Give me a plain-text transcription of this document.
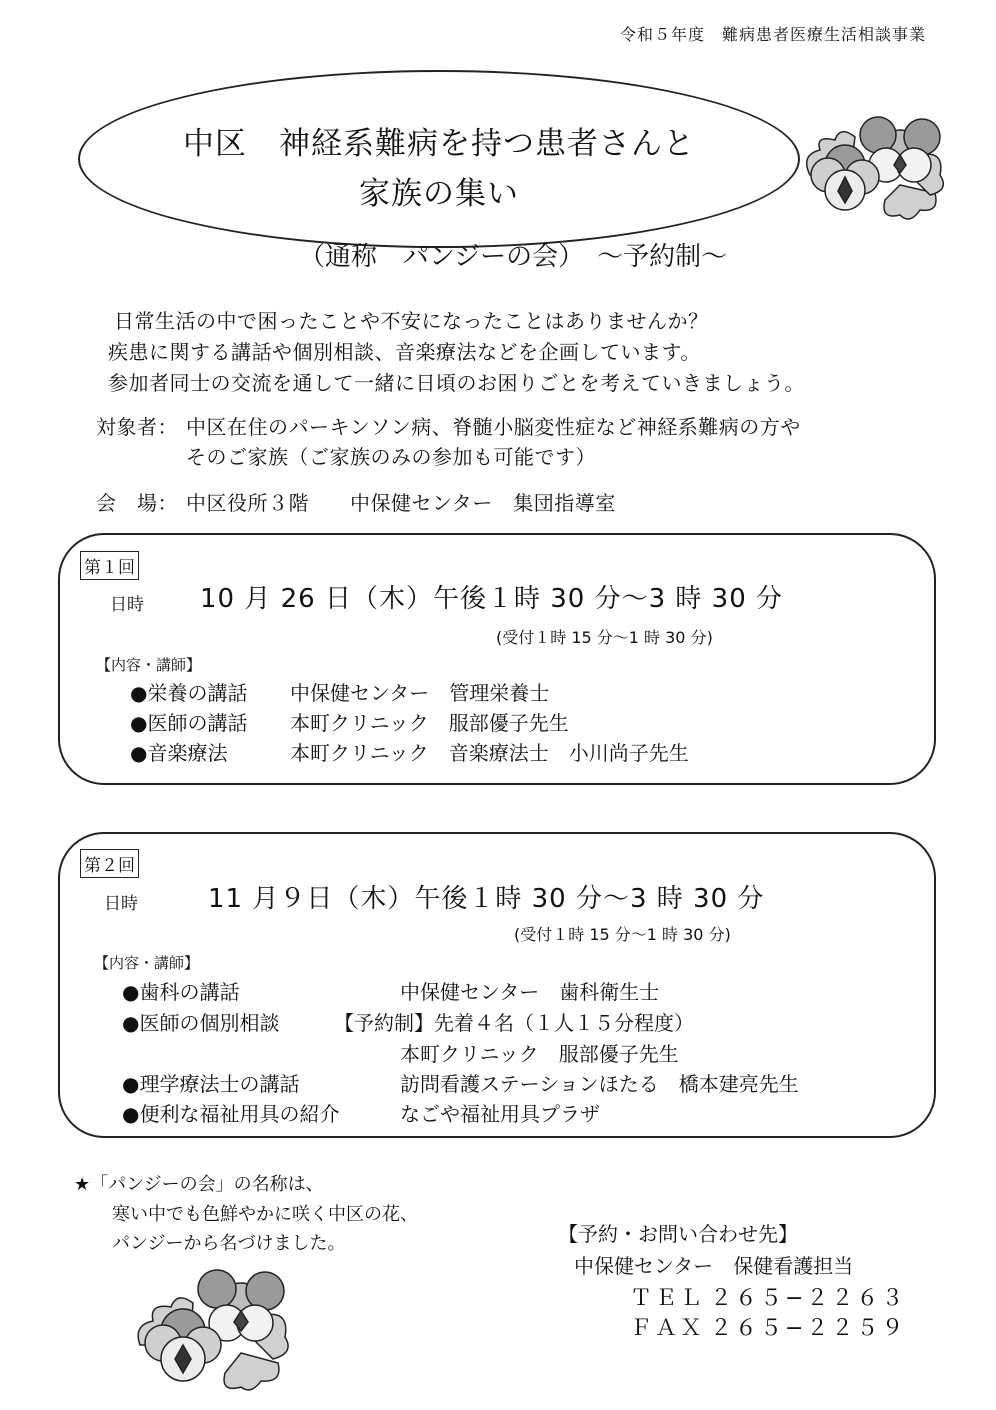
令和５年度　難病患者医療生活相談事業
中区　神経系難病を持つ患者さんと
家族の集い
（通称　パンジーの会）　～予約制～
日常生活の中で困ったことや不安になったことはありませんか？
疾患に関する講話や個別相談、音楽療法などを企画しています。
参加者同士の交流を通して一緒に日頃のお困りごとを考えていきましょう。
対象者： 中区在住のパーキンソン病、脊髄小脳変性症など神経系難病の方や
そのご家族（ご家族のみの参加も可能です）
会　場： 中区役所３階　　中保健センター　集団指導室
第１回
日時 10 月 26 日（木）午後１時 30 分～3 時 30 分
(受付１時 15 分～1 時 30 分)
【内容・講師】
●栄養の講話 中保健センター　管理栄養士
●医師の講話 本町クリニック　服部優子先生
●音楽療法	本町クリニック　音楽療法士　小川尚子先生
第２回
日時	11 月９日（木）午後１時 30 分～3 時 30 分
(受付１時 15 分～1 時 30 分)
【内容・講師】
●歯科の講話	中保健センター　歯科衛生士
●医師の個別相談	【予約制】先着４名（１人１５分程度）
本町クリニック　服部優子先生
●理学療法士の講話	訪問看護ステーションほたる　橋本建亮先生
●便利な福祉用具の紹介	なごや福祉用具プラザ
★「パンジーの会」の名称は、
寒い中でも色鮮やかに咲く中区の花、
パンジーから名づけました。	【予約・お問い合わせ先】
中保健センター　保健看護担当
ＴＥＬ ２６５−２２６３
ＦＡＸ ２６５−２２５９
